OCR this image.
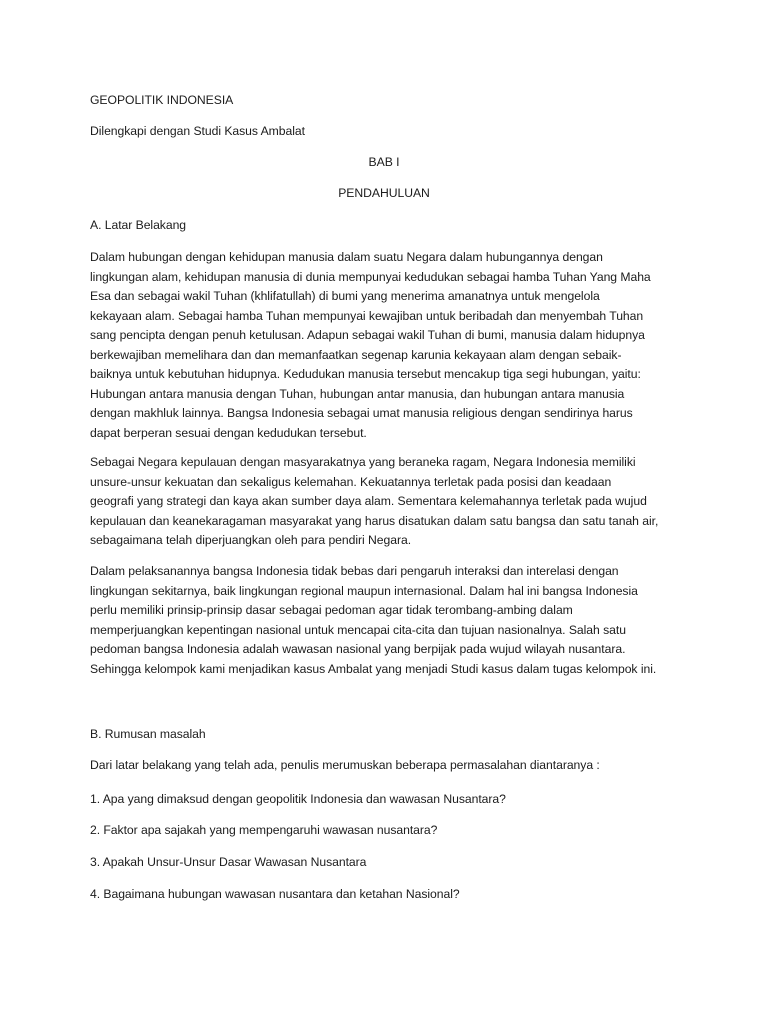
GEOPOLITIK INDONESIA
Dilengkapi dengan Studi Kasus Ambalat
BAB I
PENDAHULUAN
A. Latar Belakang
Dalam hubungan dengan kehidupan manusia dalam suatu Negara dalam hubungannya dengan
lingkungan alam, kehidupan manusia di dunia mempunyai kedudukan sebagai hamba Tuhan Yang Maha
Esa dan sebagai wakil Tuhan (khlifatullah) di bumi yang menerima amanatnya untuk mengelola
kekayaan alam. Sebagai hamba Tuhan mempunyai kewajiban untuk beribadah dan menyembah Tuhan
sang pencipta dengan penuh ketulusan. Adapun sebagai wakil Tuhan di bumi, manusia dalam hidupnya
berkewajiban memelihara dan dan memanfaatkan segenap karunia kekayaan alam dengan sebaik-
baiknya untuk kebutuhan hidupnya. Kedudukan manusia tersebut mencakup tiga segi hubungan, yaitu:
Hubungan antara manusia dengan Tuhan, hubungan antar manusia, dan hubungan antara manusia
dengan makhluk lainnya. Bangsa Indonesia sebagai umat manusia religious dengan sendirinya harus
dapat berperan sesuai dengan kedudukan tersebut.
Sebagai Negara kepulauan dengan masyarakatnya yang beraneka ragam, Negara Indonesia memiliki
unsure-unsur kekuatan dan sekaligus kelemahan. Kekuatannya terletak pada posisi dan keadaan
geografi yang strategi dan kaya akan sumber daya alam. Sementara kelemahannya terletak pada wujud
kepulauan dan keanekaragaman masyarakat yang harus disatukan dalam satu bangsa dan satu tanah air,
sebagaimana telah diperjuangkan oleh para pendiri Negara.
Dalam pelaksanannya bangsa Indonesia tidak bebas dari pengaruh interaksi dan interelasi dengan
lingkungan sekitarnya, baik lingkungan regional maupun internasional. Dalam hal ini bangsa Indonesia
perlu memiliki prinsip-prinsip dasar sebagai pedoman agar tidak terombang-ambing dalam
memperjuangkan kepentingan nasional untuk mencapai cita-cita dan tujuan nasionalnya. Salah satu
pedoman bangsa Indonesia adalah wawasan nasional yang berpijak pada wujud wilayah nusantara.
Sehingga kelompok kami menjadikan kasus Ambalat yang menjadi Studi kasus dalam tugas kelompok ini.
B. Rumusan masalah
Dari latar belakang yang telah ada, penulis merumuskan beberapa permasalahan diantaranya :
1. Apa yang dimaksud dengan geopolitik Indonesia dan wawasan Nusantara?
2. Faktor apa sajakah yang mempengaruhi wawasan nusantara?
3. Apakah Unsur-Unsur Dasar Wawasan Nusantara
4. Bagaimana hubungan wawasan nusantara dan ketahan Nasional?
